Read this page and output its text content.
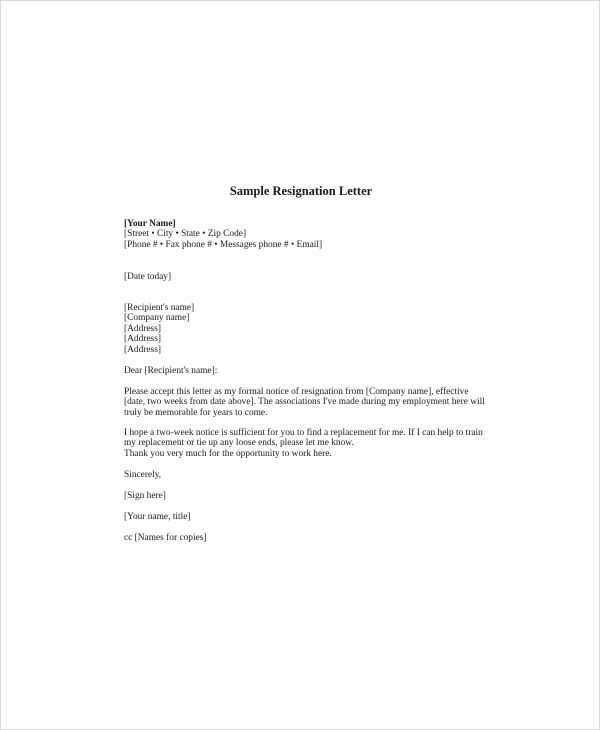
Sample Resignation Letter
[Your Name]
[Street • City • State • Zip Code]
[Phone # • Fax phone # • Messages phone # • Email]
[Date today]
[Recipient's name]
[Company name]
[Address]
[Address]
[Address]
Dear [Recipient's name]:
Please accept this letter as my formal notice of resignation from [Company name], effective
[date, two weeks from date above]. The associations I've made during my employment here will
truly be memorable for years to come.
I hope a two-week notice is sufficient for you to find a replacement for me. If I can help to train
my replacement or tie up any loose ends, please let me know.
Thank you very much for the opportunity to work here.
Sincerely,
[Sign here]
[Your name, title]
cc [Names for copies]
